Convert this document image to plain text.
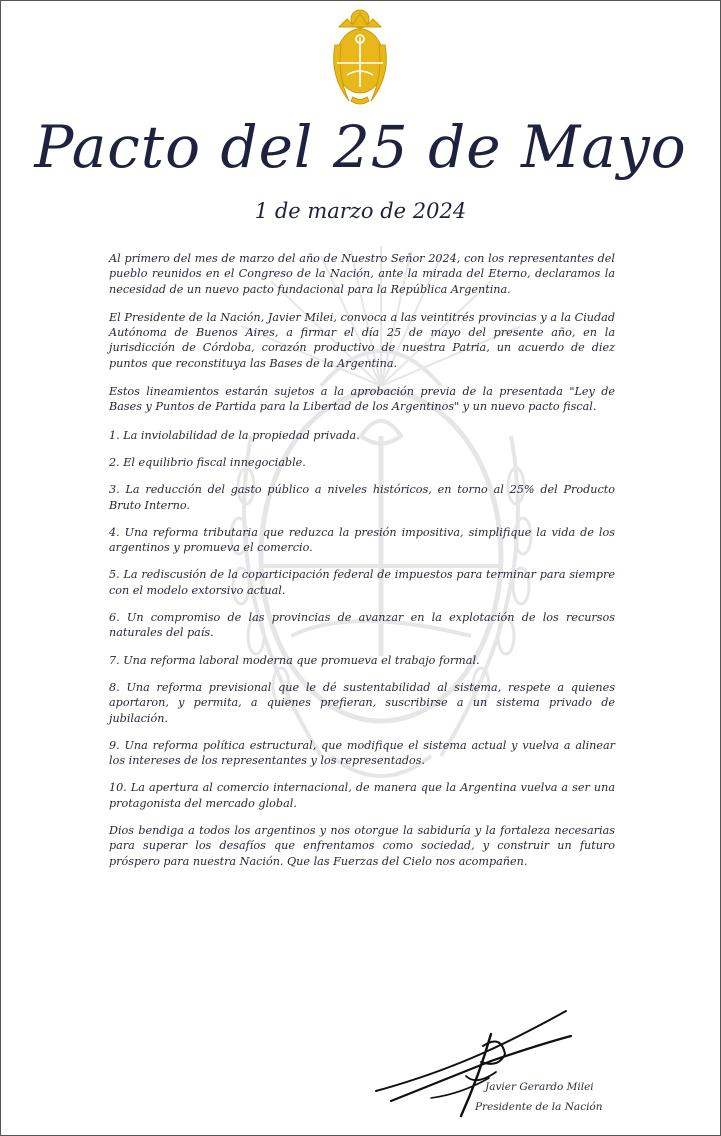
Pacto del 25 de Mayo
1 de marzo de 2024

Al primero del mes de marzo del año de Nuestro Señor 2024, con los representantes del pueblo reunidos en el Congreso de la Nación, ante la mirada del Eterno, declaramos la necesidad de un nuevo pacto fundacional para la República Argentina.

El Presidente de la Nación, Javier Milei, convoca a las veintitrés provincias y a la Ciudad Autónoma de Buenos Aires, a firmar el día 25 de mayo del presente año, en la jurisdicción de Córdoba, corazón productivo de nuestra Patria, un acuerdo de diez puntos que reconstituya las Bases de la Argentina.

Estos lineamientos estarán sujetos a la aprobación previa de la presentada "Ley de Bases y Puntos de Partida para la Libertad de los Argentinos" y un nuevo pacto fiscal.

1. La inviolabilidad de la propiedad privada.

2. El equilibrio fiscal innegociable.

3. La reducción del gasto público a niveles históricos, en torno al 25% del Producto Bruto Interno.

4. Una reforma tributaria que reduzca la presión impositiva, simplifique la vida de los argentinos y promueva el comercio.

5. La rediscusión de la coparticipación federal de impuestos para terminar para siempre con el modelo extorsivo actual.

6. Un compromiso de las provincias de avanzar en la explotación de los recursos naturales del país.

7. Una reforma laboral moderna que promueva el trabajo formal.

8. Una reforma previsional que le dé sustentabilidad al sistema, respete a quienes aportaron, y permita, a quienes prefieran, suscribirse a un sistema privado de jubilación.

9. Una reforma política estructural, que modifique el sistema actual y vuelva a alinear los intereses de los representantes y los representados.

10. La apertura al comercio internacional, de manera que la Argentina vuelva a ser una protagonista del mercado global.

Dios bendiga a todos los argentinos y nos otorgue la sabiduría y la fortaleza necesarias para superar los desafíos que enfrentamos como sociedad, y construir un futuro próspero para nuestra Nación. Que las Fuerzas del Cielo nos acompañen.

Javier Gerardo Milei
Presidente de la Nación
